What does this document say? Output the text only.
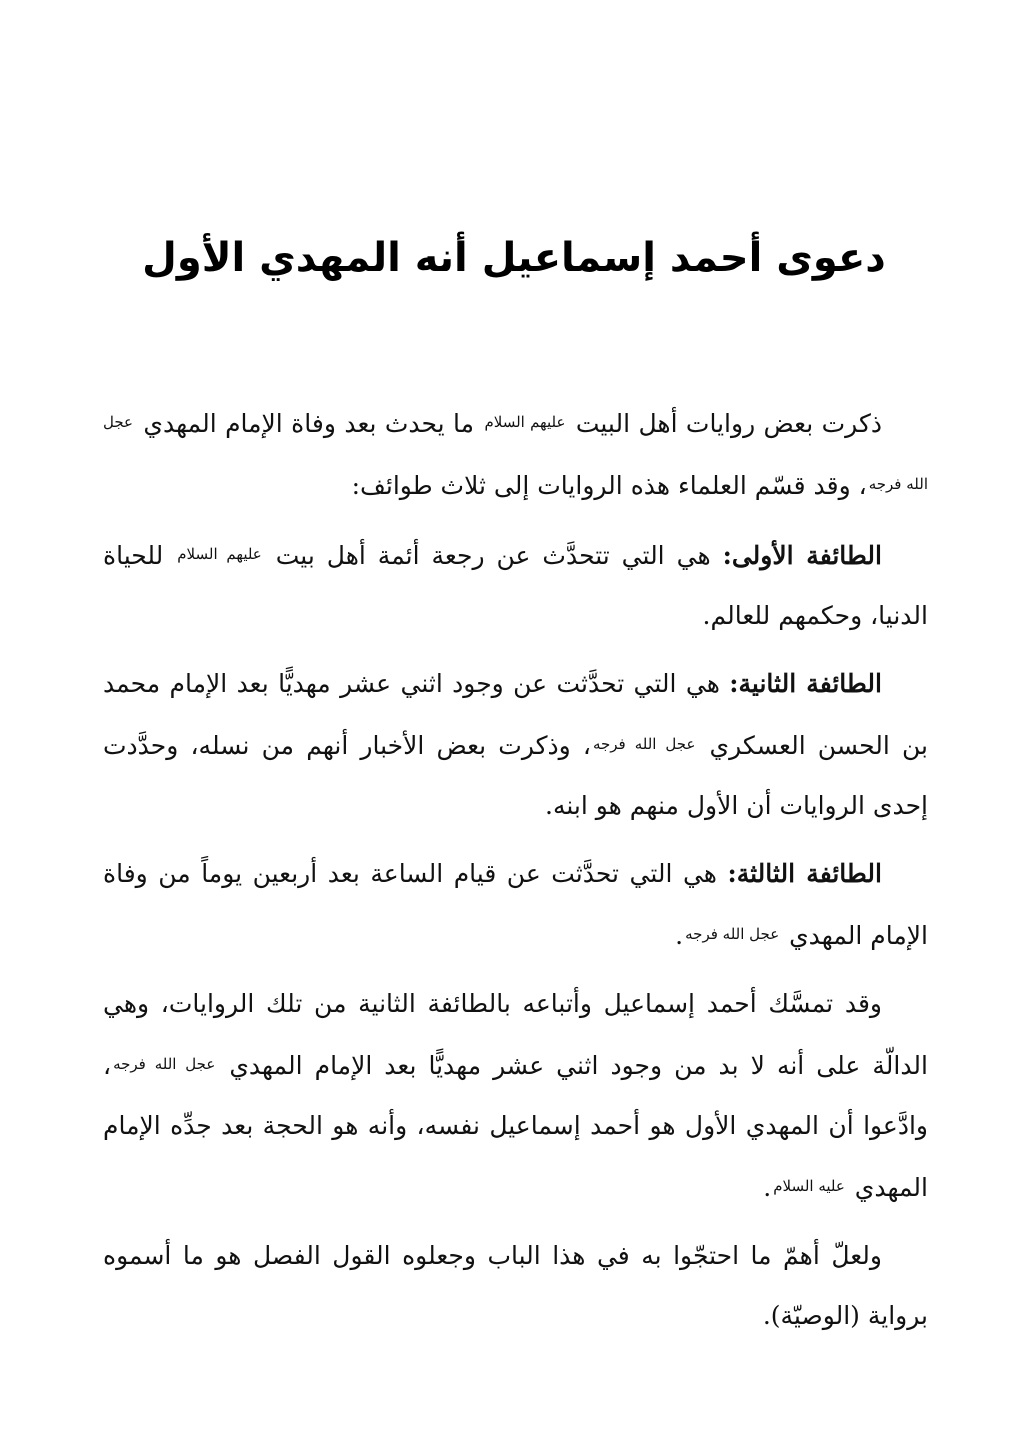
دعوى أحمد إسماعيل أنه المهدي الأول

ذكرت بعض روايات أهل البيت $^{عليهم السلام}$ ما يحدث بعد وفاة الإمام المهدي $^{عجل الله فرجه}$، وقد قسّم العلماء هذه الروايات إلى ثلاث طوائف:

الطائفة الأولى: هي التي تتحدَّث عن رجعة أئمة أهل بيت $^{عليهم السلام}$ للحياة الدنيا، وحكمهم للعالم.

الطائفة الثانية: هي التي تحدَّثت عن وجود اثني عشر مهديًّا بعد الإمام محمد بن الحسن العسكري $^{عجل الله فرجه}$، وذكرت بعض الأخبار أنهم من نسله، وحدَّدت إحدى الروايات أن الأول منهم هو ابنه.

الطائفة الثالثة: هي التي تحدَّثت عن قيام الساعة بعد أربعين يوماً من وفاة الإمام المهدي $^{عجل الله فرجه}$.

وقد تمسَّك أحمد إسماعيل وأتباعه بالطائفة الثانية من تلك الروايات، وهي الدالّة على أنه لا بد من وجود اثني عشر مهديًّا بعد الإمام المهدي $^{عجل الله فرجه}$، وادَّعوا أن المهدي الأول هو أحمد إسماعيل نفسه، وأنه هو الحجة بعد جدِّه الإمام المهدي $^{عليه السلام}$.

ولعلّ أهمّ ما احتجّوا به في هذا الباب وجعلوه القول الفصل هو ما أسموه برواية (الوصيّة).
